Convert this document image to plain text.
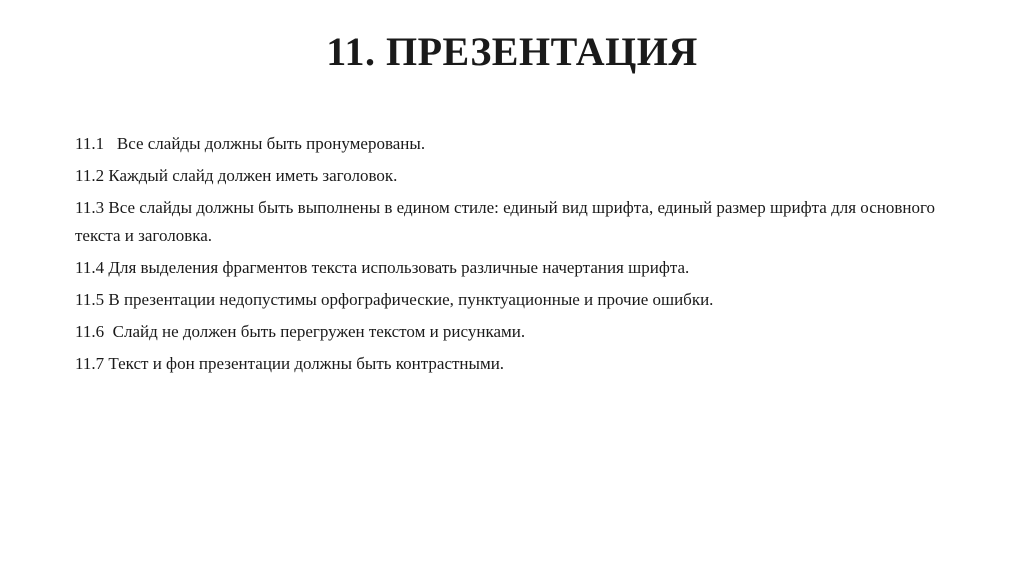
11. ПРЕЗЕНТАЦИЯ
11.1   Все слайды должны быть пронумерованы.
11.2 Каждый слайд должен иметь заголовок.
11.3 Все слайды должны быть выполнены в едином стиле: единый вид шрифта, единый размер шрифта для основного текста и заголовка.
11.4 Для выделения фрагментов текста использовать различные начертания шрифта.
11.5 В презентации недопустимы орфографические, пунктуационные и прочие ошибки.
11.6  Слайд не должен быть перегружен текстом и рисунками.
11.7 Текст и фон презентации должны быть контрастными.
